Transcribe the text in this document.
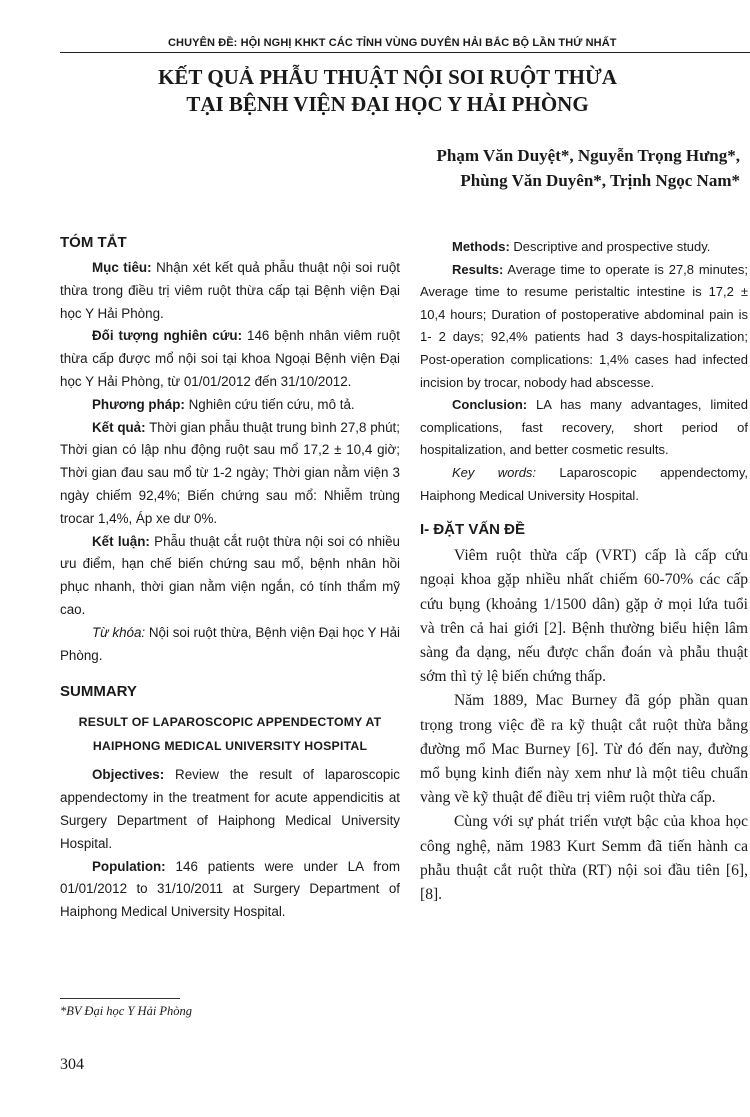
CHUYÊN ĐỀ: HỘI NGHỊ KHKT CÁC TỈNH VÙNG DUYÊN HẢI BẮC BỘ LẦN THỨ NHẤT
KẾT QUẢ PHẪU THUẬT NỘI SOI RUỘT THỪA
TẠI BỆNH VIỆN ĐẠI HỌC Y HẢI PHÒNG
Phạm Văn Duyệt*, Nguyễn Trọng Hưng*,
Phùng Văn Duyên*, Trịnh Ngọc Nam*
TÓM TẮT

Mục tiêu: Nhận xét kết quả phẫu thuật nội soi ruột thừa trong điều trị viêm ruột thừa cấp tại Bệnh viện Đại học Y Hải Phòng.

Đối tượng nghiên cứu: 146 bệnh nhân viêm ruột thừa cấp được mổ nội soi tại khoa Ngoại Bệnh viện Đại học Y Hải Phòng, từ 01/01/2012 đến 31/10/2012.

Phương pháp: Nghiên cứu tiến cứu, mô tả.

Kết quả: Thời gian phẫu thuật trung bình 27,8 phút; Thời gian có lập nhu động ruột sau mổ 17,2 ± 10,4 giờ; Thời gian đau sau mổ từ 1-2 ngày; Thời gian nằm viện 3 ngày chiếm 92,4%; Biến chứng sau mổ: Nhiễm trùng trocar 1,4%, Áp xe dư 0%.

Kết luận: Phẫu thuật cắt ruột thừa nội soi có nhiều ưu điểm, hạn chế biến chứng sau mổ, bệnh nhân hồi phục nhanh, thời gian nằm viện ngắn, có tính thẩm mỹ cao.

Từ khóa: Nội soi ruột thừa, Bệnh viện Đại học Y Hải Phòng.

SUMMARY
RESULT OF LAPAROSCOPIC APPENDECTOMY AT
HAIPHONG MEDICAL UNIVERSITY HOSPITAL

Objectives: Review the result of laparoscopic appendectomy in the treatment for acute appendicitis at Surgery Department of Haiphong Medical University Hospital.

Population: 146 patients were under LA from 01/01/2012 to 31/10/2011 at Surgery Department of Haiphong Medical University Hospital.

Methods: Descriptive and prospective study.

Results: Average time to operate is 27,8 minutes; Average time to resume peristaltic intestine is 17,2 ± 10,4 hours; Duration of postoperative abdominal pain is 1- 2 days; 92,4% patients had 3 days-hospitalization; Post-operation complications: 1,4% cases had infected incision by trocar, nobody had abscesse.

Conclusion: LA has many advantages, limited complications, fast recovery, short period of hospitalization, and better cosmetic results.

Key words: Laparoscopic appendectomy, Haiphong Medical University Hospital.

I- ĐẶT VẤN ĐỀ

Viêm ruột thừa cấp (VRT) cấp là cấp cứu ngoại khoa gặp nhiều nhất chiếm 60-70% các cấp cứu bụng (khoảng 1/1500 dân) gặp ở mọi lứa tuổi và trên cả hai giới [2]. Bệnh thường biểu hiện lâm sàng đa dạng, nếu được chẩn đoán và phẫu thuật sớm thì tỷ lệ biến chứng thấp.

Năm 1889, Mac Burney đã góp phần quan trọng trong việc đề ra kỹ thuật cắt ruột thừa bằng đường mổ Mac Burney [6]. Từ đó đến nay, đường mổ bụng kinh điển này xem như là một tiêu chuẩn vàng về kỹ thuật để điều trị viêm ruột thừa cấp.

Cùng với sự phát triển vượt bậc của khoa học công nghệ, năm 1983 Kurt Semm đã tiến hành ca phẫu thuật cắt ruột thừa (RT) nội soi đầu tiên [6], [8].

*BV Đại học Y Hải Phòng
304
